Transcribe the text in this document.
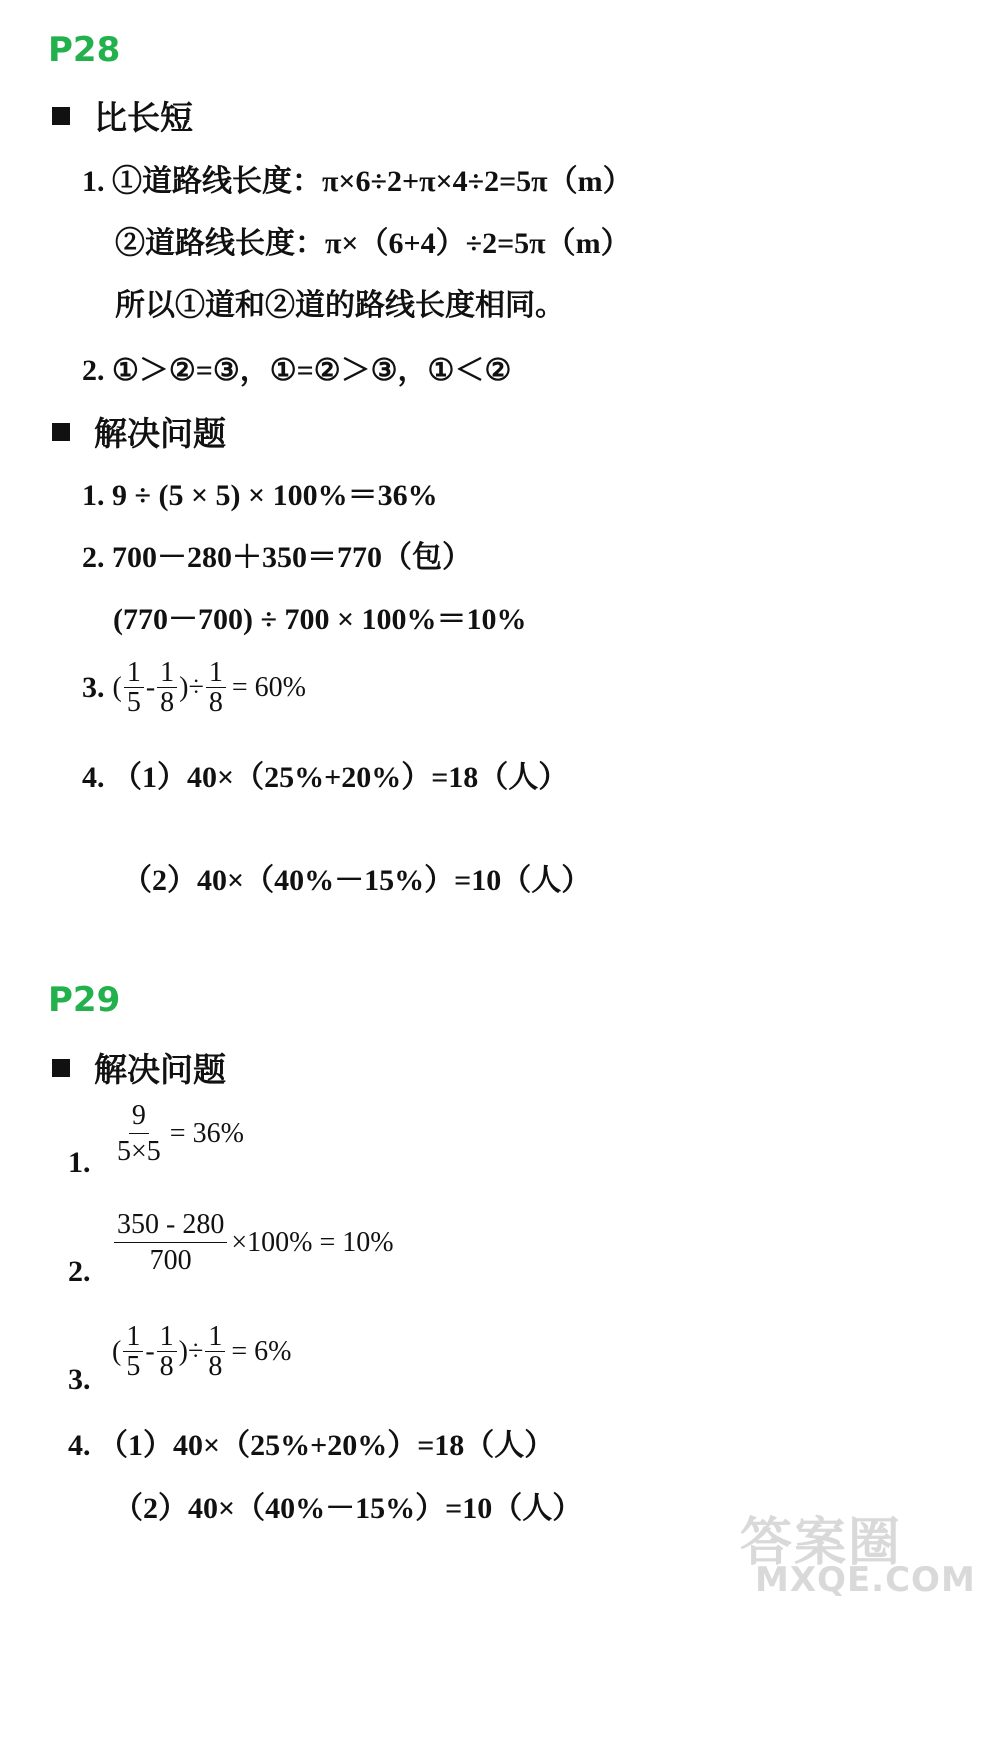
P28
比长短
1. ①道路线长度：π×6÷2+π×4÷2=5π（m）
②道路线长度：π×（6+4）÷2=5π（m）
所以①道和②道的路线长度相同。
2. ①＞②=③，①=②＞③，①＜②
解决问题
1. 9 ÷ (5 × 5) × 100%＝36%
2. 700－280＋350＝770（包）
(770－700) ÷ 700 × 100%＝10%
3. ( $\frac{1}{5} - \frac{1}{8}$ )÷ $\frac{1}{8} = 60\%$
4. （1）40×（25%+20%）=18（人）
（2）40×（40%－15%）=10（人）
P29
解决问题
1. $\frac{9}{5\times 5} = 36\%$
2. $\frac{350 - 280}{700} \times 100\% = 10\%$
3.
( $\frac{1}{5} - \frac{1}{8}$ )÷ $\frac{1}{8} = 6\%$
4. （1）40×（25%+20%）=18（人）
（2）40×（40%－15%）=10（人）
答案圈
MXQE.COM
